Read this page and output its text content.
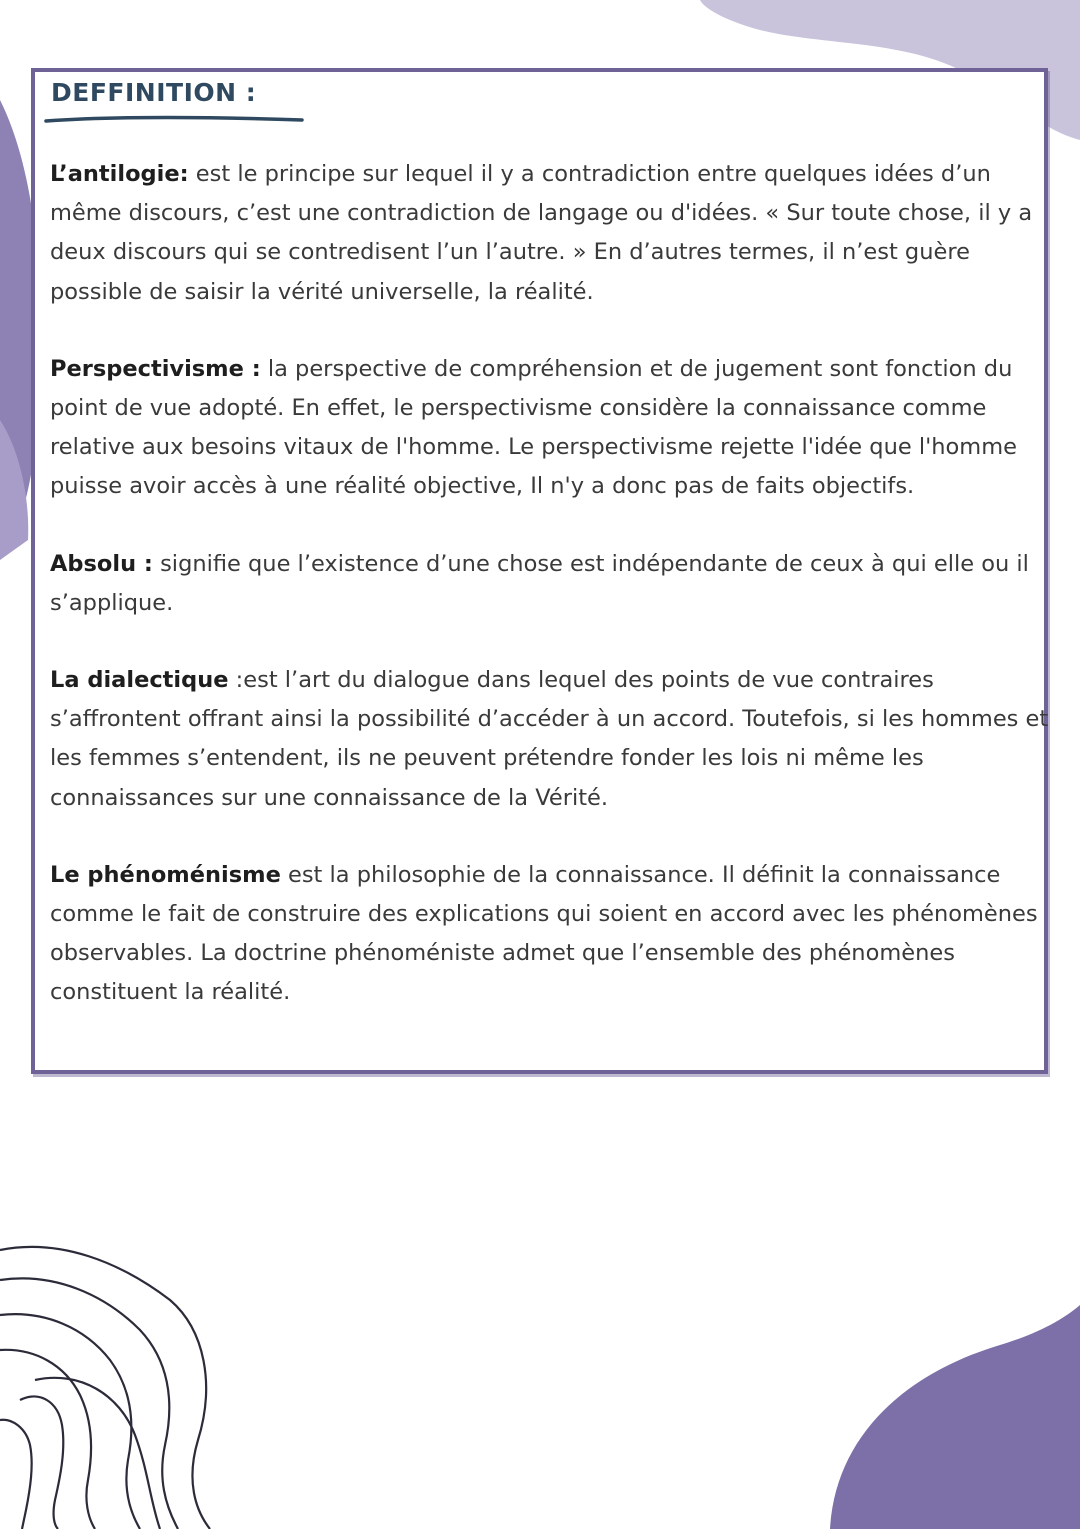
DEFFINITION :

L’antilogie: est le principe sur lequel il y a contradiction entre quelques idées d’un même discours, c’est une contradiction de langage ou d'idées. « Sur toute chose, il y a deux discours qui se contredisent l’un l’autre. » En d’autres termes, il n’est guère possible de saisir la vérité universelle, la réalité.

Perspectivisme : la perspective de compréhension et de jugement sont fonction du point de vue adopté. En effet, le perspectivisme considère la connaissance comme relative aux besoins vitaux de l'homme. Le perspectivisme rejette l'idée que l'homme puisse avoir accès à une réalité objective, Il n'y a donc pas de faits objectifs.

Absolu : signifie que l’existence d’une chose est indépendante de ceux à qui elle ou il s’applique.

La dialectique :est l’art du dialogue dans lequel des points de vue contraires s’affrontent offrant ainsi la possibilité d’accéder à un accord. Toutefois, si les hommes et les femmes s’entendent, ils ne peuvent prétendre fonder les lois ni même les connaissances sur une connaissance de la Vérité.

Le phénoménisme est la philosophie de la connaissance. Il définit la connaissance comme le fait de construire des explications qui soient en accord avec les phénomènes observables. La doctrine phénoméniste admet que l’ensemble des phénomènes constituent la réalité.
